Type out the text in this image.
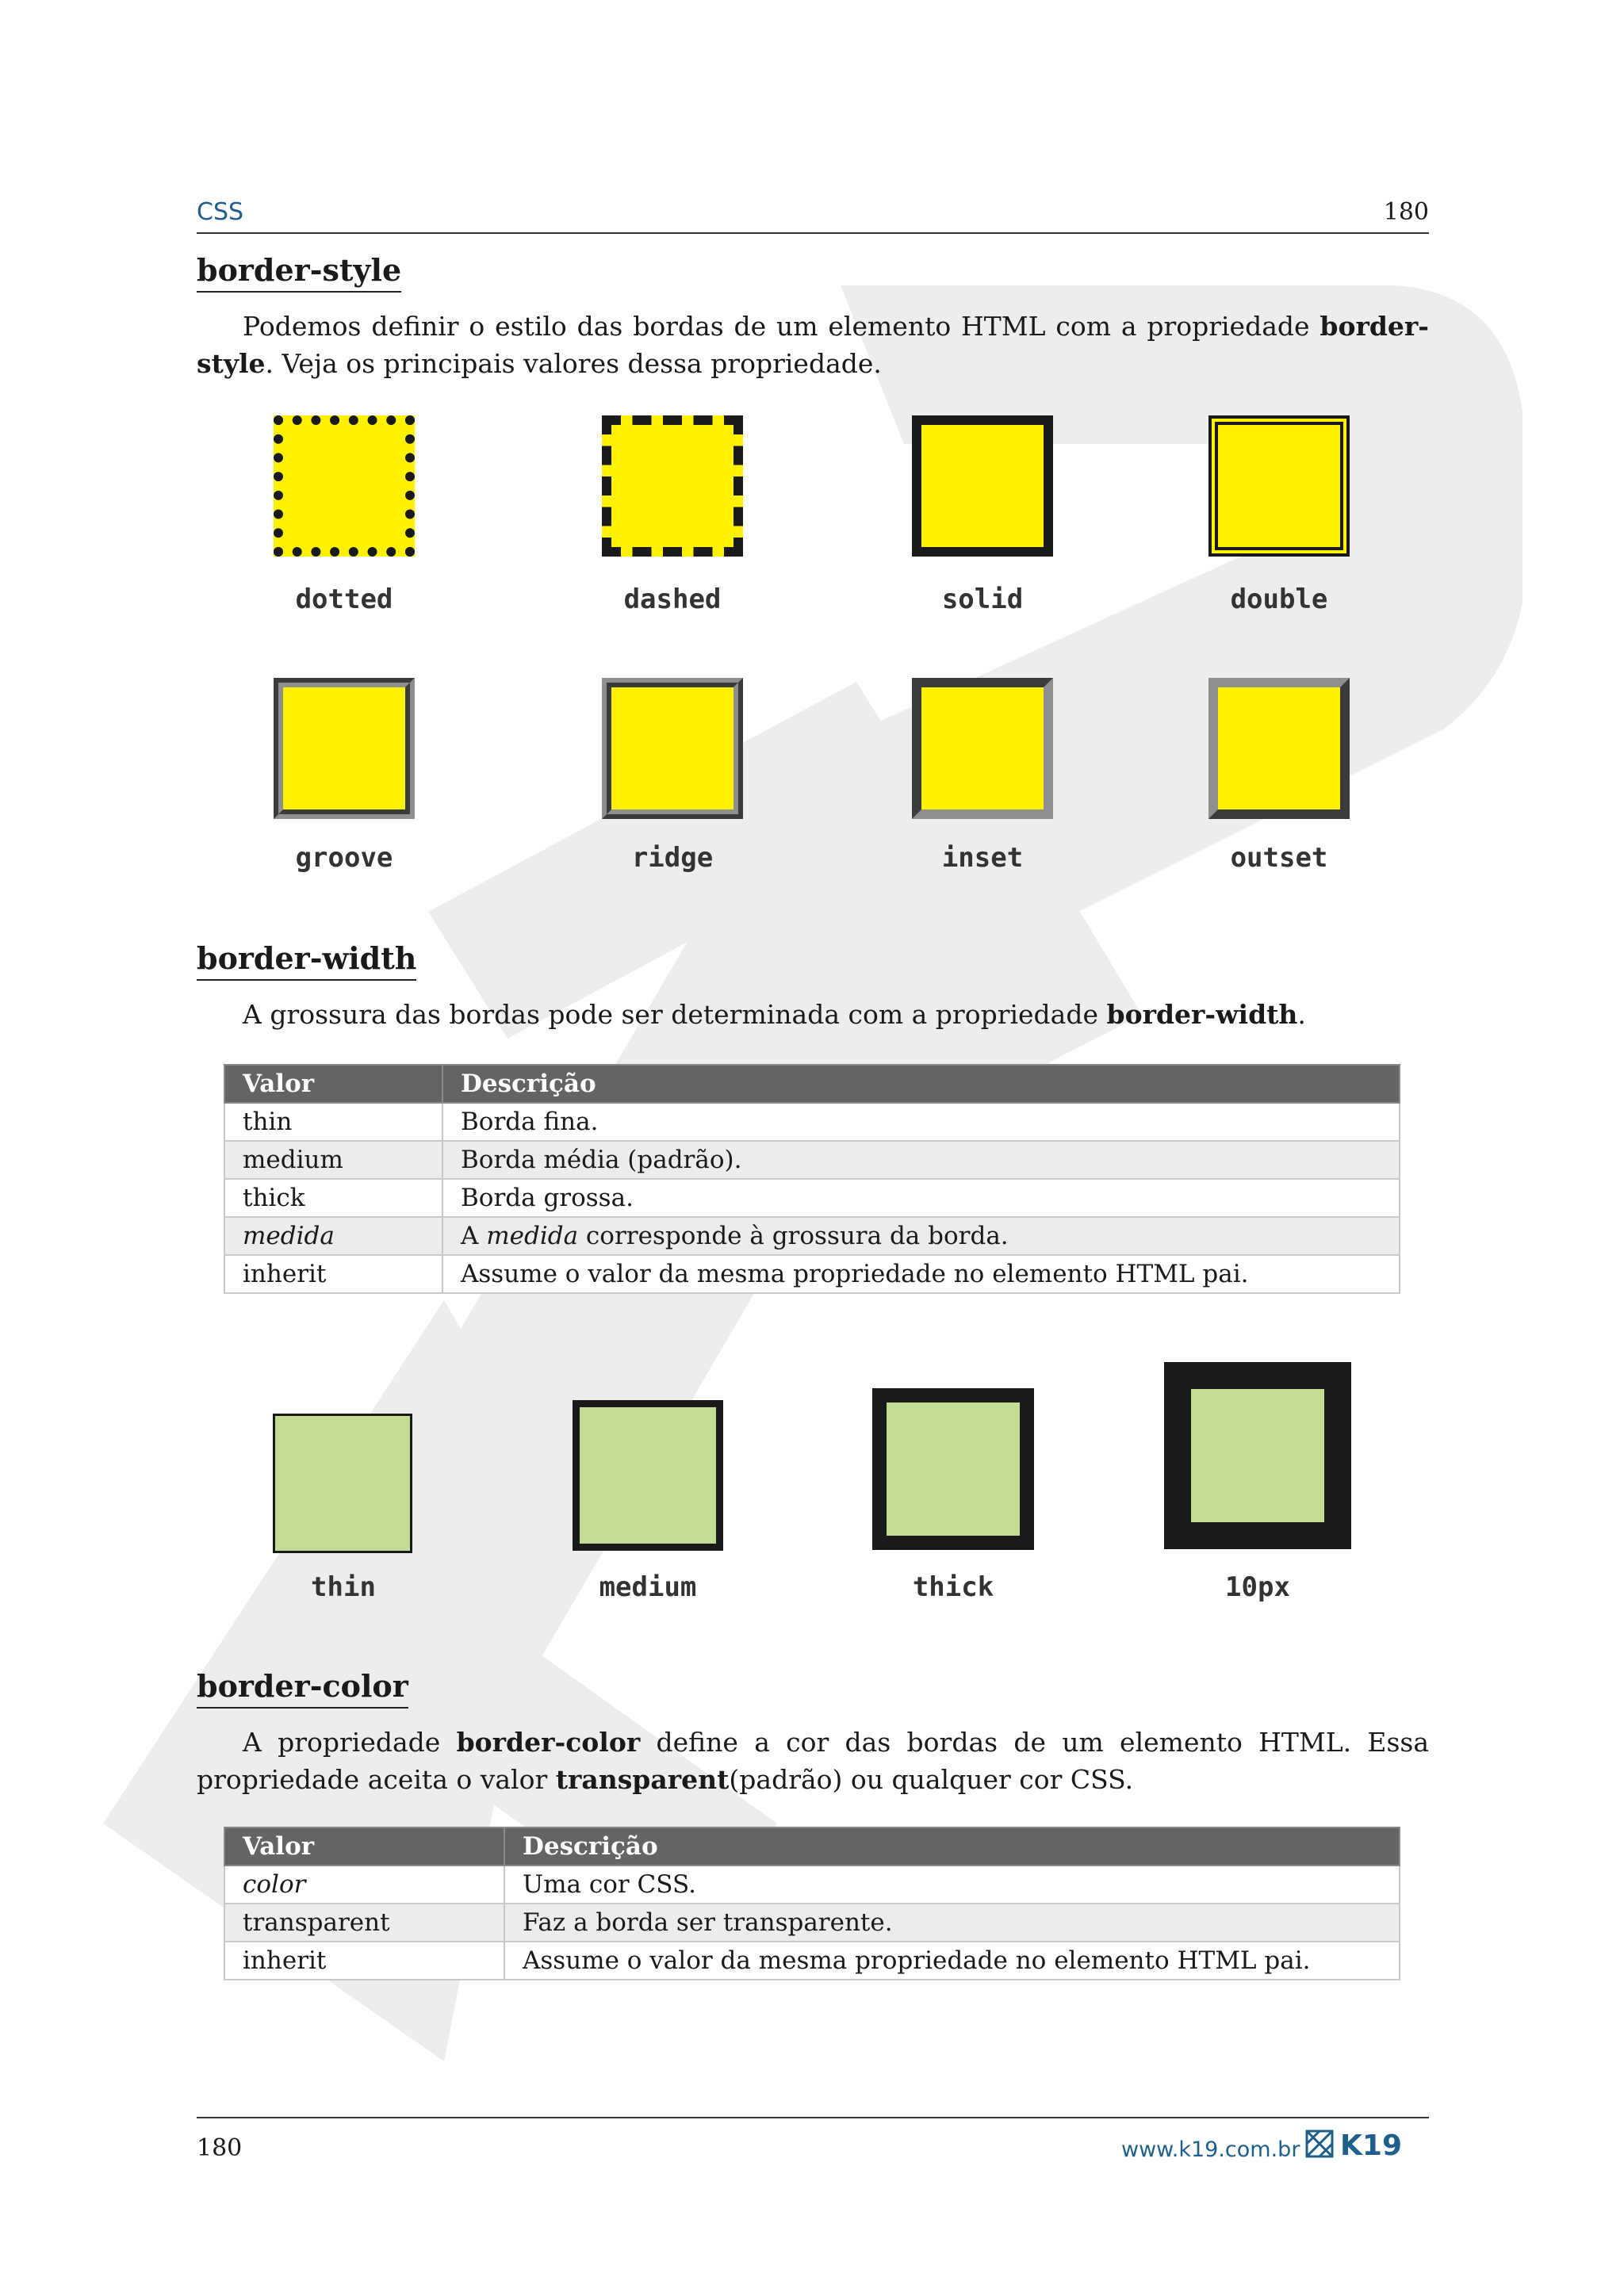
CSS	180
border-style
Podemos definir o estilo das bordas de um elemento HTML com a propriedade border-style. Veja os principais valores dessa propriedade.
dotted	dashed	solid	double
groove	ridge	inset	outset
border-width
A grossura das bordas pode ser determinada com a propriedade border-width.
Valor	Descrição
thin	Borda fina.
medium	Borda média (padrão).
thick	Borda grossa.
medida	A medida corresponde à grossura da borda.
inherit	Assume o valor da mesma propriedade no elemento HTML pai.
thin	medium	thick	10px
border-color
A propriedade border-color define a cor das bordas de um elemento HTML. Essa propriedade aceita o valor transparent(padrão) ou qualquer cor CSS.
Valor	Descrição
color	Uma cor CSS.
transparent	Faz a borda ser transparente.
inherit	Assume o valor da mesma propriedade no elemento HTML pai.
180	www.k19.com.br K19
